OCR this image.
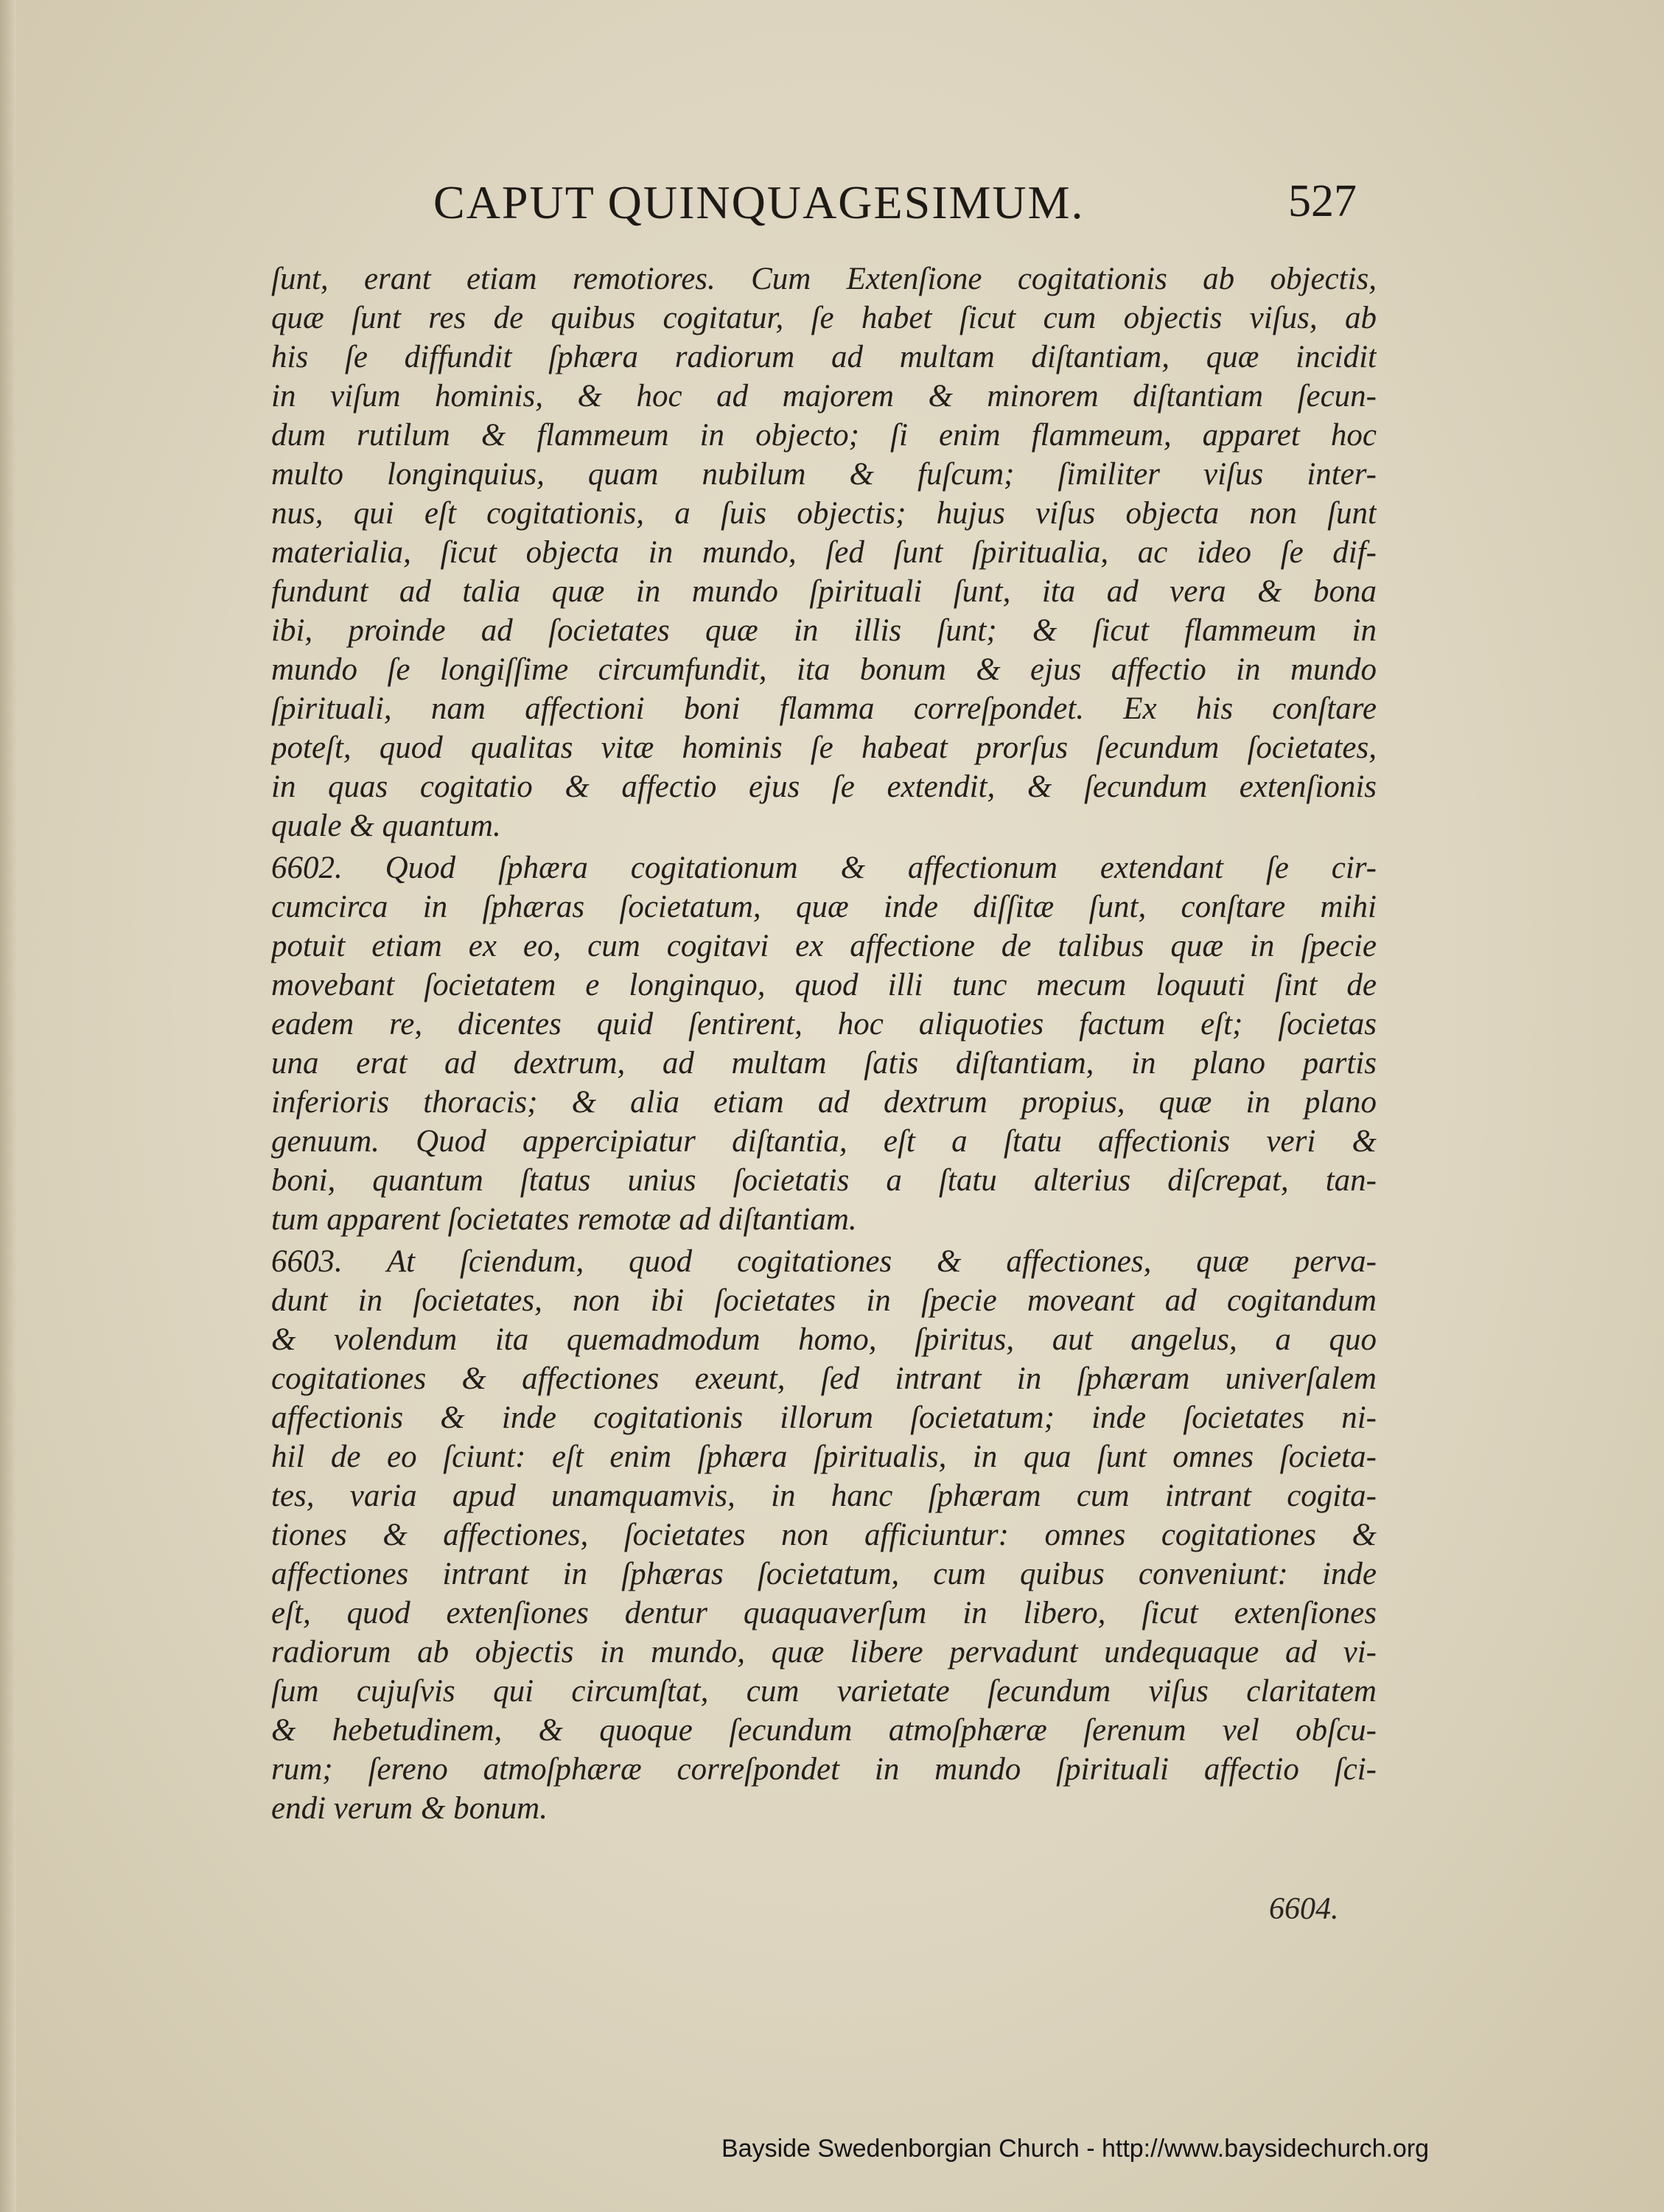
CAPUT QUINQUAGESIMUM.	527
ſunt, erant etiam remotiores. Cum Extenſione cogitationis ab objectis,
quæ ſunt res de quibus cogitatur, ſe habet ſicut cum objectis viſus, ab
his ſe diffundit ſphæra radiorum ad multam diſtantiam, quæ incidit
in viſum hominis, & hoc ad majorem & minorem diſtantiam ſecun-
dum rutilum & flammeum in objecto; ſi enim flammeum, apparet hoc
multo longinquius, quam nubilum & fuſcum; ſimiliter viſus inter-
nus, qui eſt cogitationis, a ſuis objectis; hujus viſus objecta non ſunt
materialia, ſicut objecta in mundo, ſed ſunt ſpiritualia, ac ideo ſe dif-
fundunt ad talia quæ in mundo ſpirituali ſunt, ita ad vera & bona
ibi, proinde ad ſocietates quæ in illis ſunt; & ſicut flammeum in
mundo ſe longiſſime circumfundit, ita bonum & ejus affectio in mundo
ſpirituali, nam affectioni boni flamma correſpondet. Ex his conſtare
poteſt, quod qualitas vitæ hominis ſe habeat prorſus ſecundum ſocietates,
in quas cogitatio & affectio ejus ſe extendit, & ſecundum extenſionis
quale & quantum.
6602. Quod ſphæra cogitationum & affectionum extendant ſe cir-
cumcirca in ſphæras ſocietatum, quæ inde diſſitæ ſunt, conſtare mihi
potuit etiam ex eo, cum cogitavi ex affectione de talibus quæ in ſpecie
movebant ſocietatem e longinquo, quod illi tunc mecum loquuti ſint de
eadem re, dicentes quid ſentirent, hoc aliquoties factum eſt; ſocietas
una erat ad dextrum, ad multam ſatis diſtantiam, in plano partis
inferioris thoracis; & alia etiam ad dextrum propius, quæ in plano
genuum. Quod appercipiatur diſtantia, eſt a ſtatu affectionis veri &
boni, quantum ſtatus unius ſocietatis a ſtatu alterius diſcrepat, tan-
tum apparent ſocietates remotæ ad diſtantiam.
6603. At ſciendum, quod cogitationes & affectiones, quæ perva-
dunt in ſocietates, non ibi ſocietates in ſpecie moveant ad cogitandum
& volendum ita quemadmodum homo, ſpiritus, aut angelus, a quo
cogitationes & affectiones exeunt, ſed intrant in ſphæram univerſalem
affectionis & inde cogitationis illorum ſocietatum; inde ſocietates ni-
hil de eo ſciunt: eſt enim ſphæra ſpiritualis, in qua ſunt omnes ſocieta-
tes, varia apud unamquamvis, in hanc ſphæram cum intrant cogita-
tiones & affectiones, ſocietates non afficiuntur: omnes cogitationes &
affectiones intrant in ſphæras ſocietatum, cum quibus conveniunt: inde
eſt, quod extenſiones dentur quaquaverſum in libero, ſicut extenſiones
radiorum ab objectis in mundo, quæ libere pervadunt undequaque ad vi-
ſum cujuſvis qui circumſtat, cum varietate ſecundum viſus claritatem
& hebetudinem, & quoque ſecundum atmoſphæræ ſerenum vel obſcu-
rum; ſereno atmoſphæræ correſpondet in mundo ſpirituali affectio ſci-
endi verum & bonum.
6604.
Bayside Swedenborgian Church - http://www.baysidechurch.org
